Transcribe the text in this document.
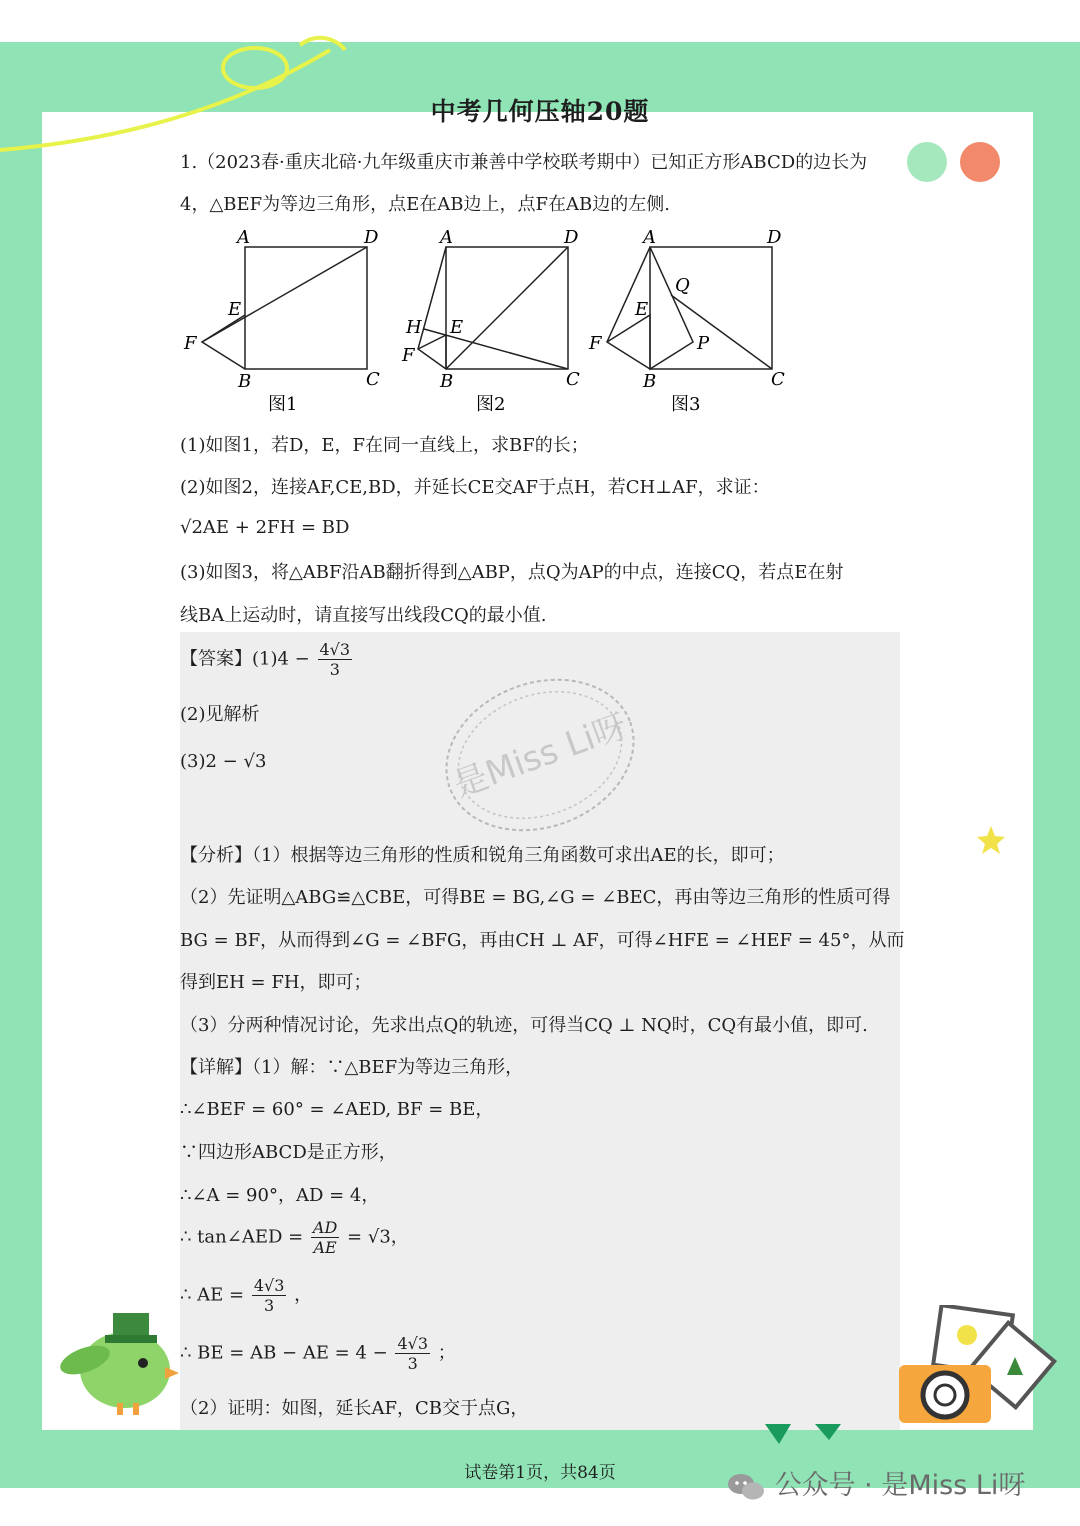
中考几何压轴20题
1.（2023春·重庆北碚·九年级重庆市兼善中学校联考期中）已知正方形ABCD的边长为
4，△BEF为等边三角形，点E在AB边上，点F在AB边的左侧.
A	D
E
F
B	C
图1
A	D
H E
F
B	C
图2
A	D
Q
E
F	P
B	C
图3
(1)如图1，若D，E，F在同一直线上，求BF的长；
(2)如图2，连接AF,CE,BD，并延长CE交AF于点H，若CH⊥AF，求证：
√2AE + 2FH = BD
(3)如图3，将△ABF沿AB翻折得到△ABP，点Q为AP的中点，连接CQ，若点E在射
线BA上运动时，请直接写出线段CQ的最小值.
【答案】$(1)4 - \frac{4√3}{3}$
(2)见解析
(3)2 − √3	是Miss Li呀
【分析】（1）根据等边三角形的性质和锐角三角函数可求出AE的长，即可；
（2）先证明△ABG≌△CBE，可得BE = BG,∠G = ∠BEC，再由等边三角形的性质可得
BG = BF，从而得到∠G = ∠BFG，再由CH ⊥ AF，可得∠HFE = ∠HEF = 45°，从而
得到EH = FH，即可；
（3）分两种情况讨论，先求出点Q的轨迹，可得当CQ ⊥ NQ时，CQ有最小值，即可.
【详解】（1）解：∵△BEF为等边三角形，
∴∠BEF = 60° = ∠AED, BF = BE，
∵四边形ABCD是正方形，
∴∠A = 90°，AD = 4，
∴ tan∠AED = $\frac{AD}{AE} = √3$，
∴ AE = $\frac{4√3}{3}$ ，
∴ BE = AB − AE = $4 - \frac{4√3}{3}$ ；
（2）证明：如图，延长AF，CB交于点G，
试卷第1页，共84页	公众号 · 是Miss Li呀
